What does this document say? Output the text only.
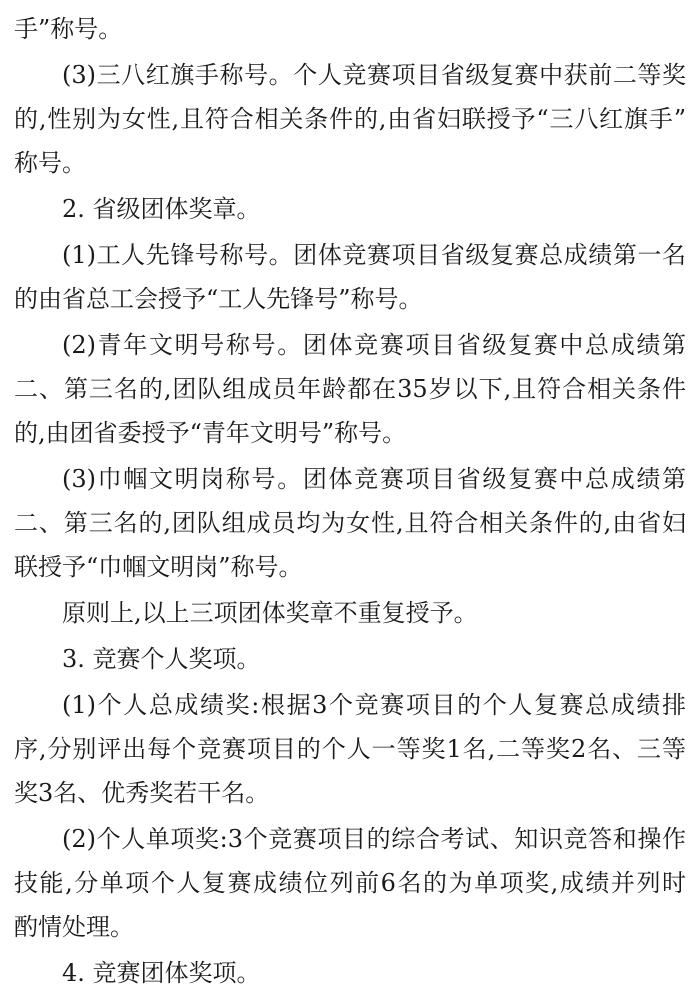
手”称号。
(3)三八红旗手称号。个人竞赛项目省级复赛中获前二等奖
的,性别为女性,且符合相关条件的,由省妇联授予“三八红旗手”
称号。
2. 省级团体奖章。
(1)工人先锋号称号。团体竞赛项目省级复赛总成绩第一名
的由省总工会授予“工人先锋号”称号。
(2)青年文明号称号。团体竞赛项目省级复赛中总成绩第
二、第三名的,团队组成员年龄都在35岁以下,且符合相关条件
的,由团省委授予“青年文明号”称号。
(3)巾帼文明岗称号。团体竞赛项目省级复赛中总成绩第
二、第三名的,团队组成员均为女性,且符合相关条件的,由省妇
联授予“巾帼文明岗”称号。
原则上,以上三项团体奖章不重复授予。
3. 竞赛个人奖项。
(1)个人总成绩奖:根据3个竞赛项目的个人复赛总成绩排
序,分别评出每个竞赛项目的个人一等奖1名,二等奖2名、三等
奖3名、优秀奖若干名。
(2)个人单项奖:3个竞赛项目的综合考试、知识竞答和操作
技能,分单项个人复赛成绩位列前6名的为单项奖,成绩并列时
酌情处理。
4. 竞赛团体奖项。
